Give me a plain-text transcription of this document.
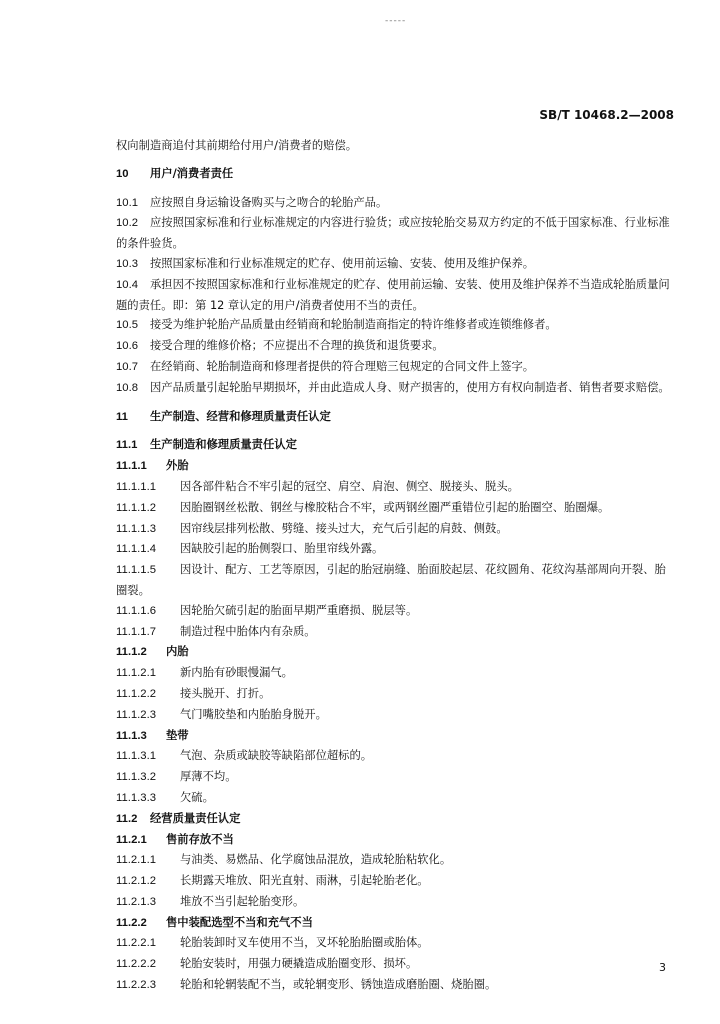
-----
SB/T 10468.2—2008

权向制造商追付其前期给付用户/消费者的赔偿。

10 用户/消费者责任

10.1 应按照自身运输设备购买与之吻合的轮胎产品。

10.2 应按照国家标准和行业标准规定的内容进行验货；或应按轮胎交易双方约定的不低于国家标准、行业标准的条件验货。

10.3 按照国家标准和行业标准规定的贮存、使用前运输、安装、使用及维护保养。

10.4 承担因不按照国家标准和行业标准规定的贮存、使用前运输、安装、使用及维护保养不当造成轮胎质量问题的责任。即：第 12 章认定的用户/消费者使用不当的责任。

10.5 接受为维护轮胎产品质量由经销商和轮胎制造商指定的特许维修者或连锁维修者。

10.6 接受合理的维修价格；不应提出不合理的换货和退货要求。

10.7 在经销商、轮胎制造商和修理者提供的符合理赔三包规定的合同文件上签字。

10.8 因产品质量引起轮胎早期损坏，并由此造成人身、财产损害的，使用方有权向制造者、销售者要求赔偿。

11 生产制造、经营和修理质量责任认定

11.1 生产制造和修理质量责任认定

11.1.1 外胎

11.1.1.1 因各部件粘合不牢引起的冠空、肩空、肩泡、侧空、脱接头、脱头。

11.1.1.2 因胎圈钢丝松散、钢丝与橡胶粘合不牢，或两钢丝圈严重错位引起的胎圈空、胎圈爆。

11.1.1.3 因帘线层排列松散、劈缝、接头过大，充气后引起的肩鼓、侧鼓。

11.1.1.4 因缺胶引起的胎侧裂口、胎里帘线外露。

11.1.1.5 因设计、配方、工艺等原因，引起的胎冠崩缝、胎面胶起层、花纹圆角、花纹沟基部周向开裂、胎圈裂。

11.1.1.6 因轮胎欠硫引起的胎面早期严重磨损、脱层等。

11.1.1.7 制造过程中胎体内有杂质。

11.1.2 内胎

11.1.2.1 新内胎有砂眼慢漏气。

11.1.2.2 接头脱开、打折。

11.1.2.3 气门嘴胶垫和内胎胎身脱开。

11.1.3 垫带

11.1.3.1 气泡、杂质或缺胶等缺陷部位超标的。

11.1.3.2 厚薄不均。

11.1.3.3 欠硫。

11.2 经营质量责任认定

11.2.1 售前存放不当

11.2.1.1 与油类、易燃品、化学腐蚀品混放，造成轮胎粘软化。

11.2.1.2 长期露天堆放、阳光直射、雨淋，引起轮胎老化。

11.2.1.3 堆放不当引起轮胎变形。

11.2.2 售中装配选型不当和充气不当

11.2.2.1 轮胎装卸时叉车使用不当，叉坏轮胎胎圈或胎体。

11.2.2.2 轮胎安装时，用强力硬撬造成胎圈变形、损坏。

11.2.2.3 轮胎和轮辋装配不当，或轮辋变形、锈蚀造成磨胎圈、烧胎圈。

3
